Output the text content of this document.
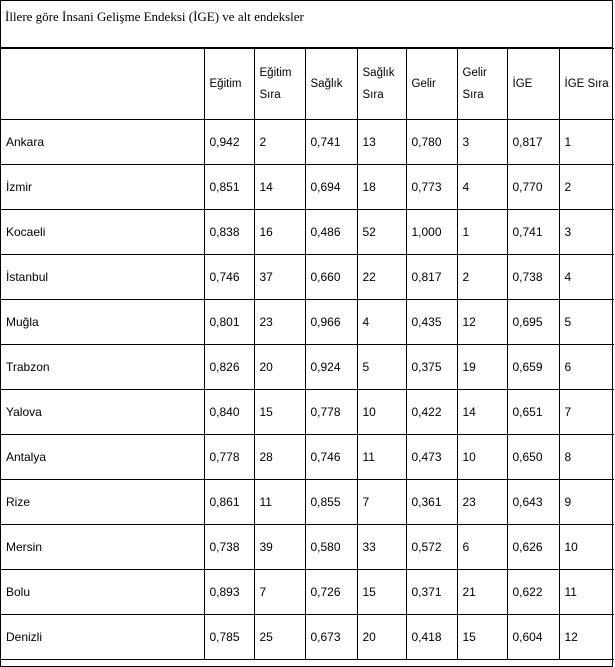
İllere göre İnsani Gelişme Endeksi (İGE) ve alt endeksler
	Eğitim	Eğitim Sıra	Sağlık	Sağlık Sıra	Gelir	Gelir Sıra	İGE	İGE Sıra
Ankara	0,942	2	0,741	13	0,780	3	0,817	1
İzmir	0,851	14	0,694	18	0,773	4	0,770	2
Kocaeli	0,838	16	0,486	52	1,000	1	0,741	3
İstanbul	0,746	37	0,660	22	0,817	2	0,738	4
Muğla	0,801	23	0,966	4	0,435	12	0,695	5
Trabzon	0,826	20	0,924	5	0,375	19	0,659	6
Yalova	0,840	15	0,778	10	0,422	14	0,651	7
Antalya	0,778	28	0,746	11	0,473	10	0,650	8
Rize	0,861	11	0,855	7	0,361	23	0,643	9
Mersin	0,738	39	0,580	33	0,572	6	0,626	10
Bolu	0,893	7	0,726	15	0,371	21	0,622	11
Denizli	0,785	25	0,673	20	0,418	15	0,604	12
